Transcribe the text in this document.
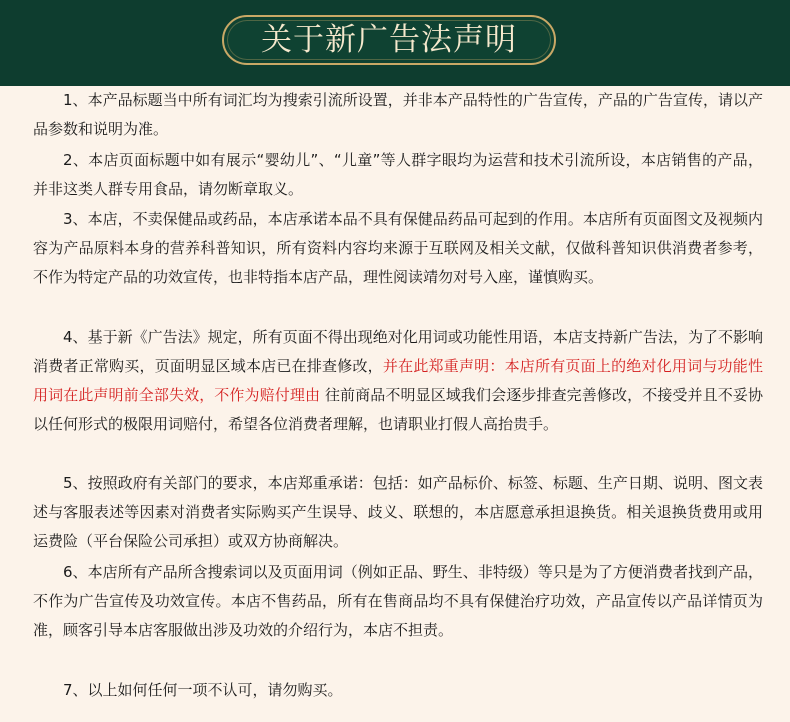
关于新广告法声明

1、本产品标题当中所有词汇均为搜索引流所设置，并非本产品特性的广告宣传，产品的广告宣传，请以产品参数和说明为准。

2、本店页面标题中如有展示“婴幼儿”、“儿童”等人群字眼均为运营和技术引流所设，本店销售的产品，并非这类人群专用食品，请勿断章取义。

3、本店，不卖保健品或药品，本店承诺本品不具有保健品药品可起到的作用。本店所有页面图文及视频内容为产品原料本身的营养科普知识，所有资料内容均来源于互联网及相关文献，仅做科普知识供消费者参考，不作为特定产品的功效宣传，也非特指本店产品，理性阅读靖勿对号入座，谨慎购买。

4、基于新《广告法》规定，所有页面不得出现绝对化用词或功能性用语，本店支持新广告法，为了不影响消费者正常购买，页面明显区域本店已在排查修改，并在此郑重声明：本店所有页面上的绝对化用词与功能性用词在此声明前全部失效，不作为赔付理由 往前商品不明显区域我们会逐步排查完善修改，不接受并且不妥协以任何形式的极限用词赔付，希望各位消费者理解，也请职业打假人高抬贵手。

5、按照政府有关部门的要求，本店郑重承诺：包括：如产品标价、标签、标题、生产日期、说明、图文表述与客服表述等因素对消费者实际购买产生误导、歧义、联想的，本店愿意承担退换货。相关退换货费用或用运费险（平台保险公司承担）或双方协商解决。

6、本店所有产品所含搜索词以及页面用词（例如正品、野生、非特级）等只是为了方便消费者找到产品，不作为广告宣传及功效宣传。本店不售药品，所有在售商品均不具有保健治疗功效，产品宣传以产品详情页为准，顾客引导本店客服做出涉及功效的介绍行为，本店不担责。

7、以上如何任何一项不认可，请勿购买。
